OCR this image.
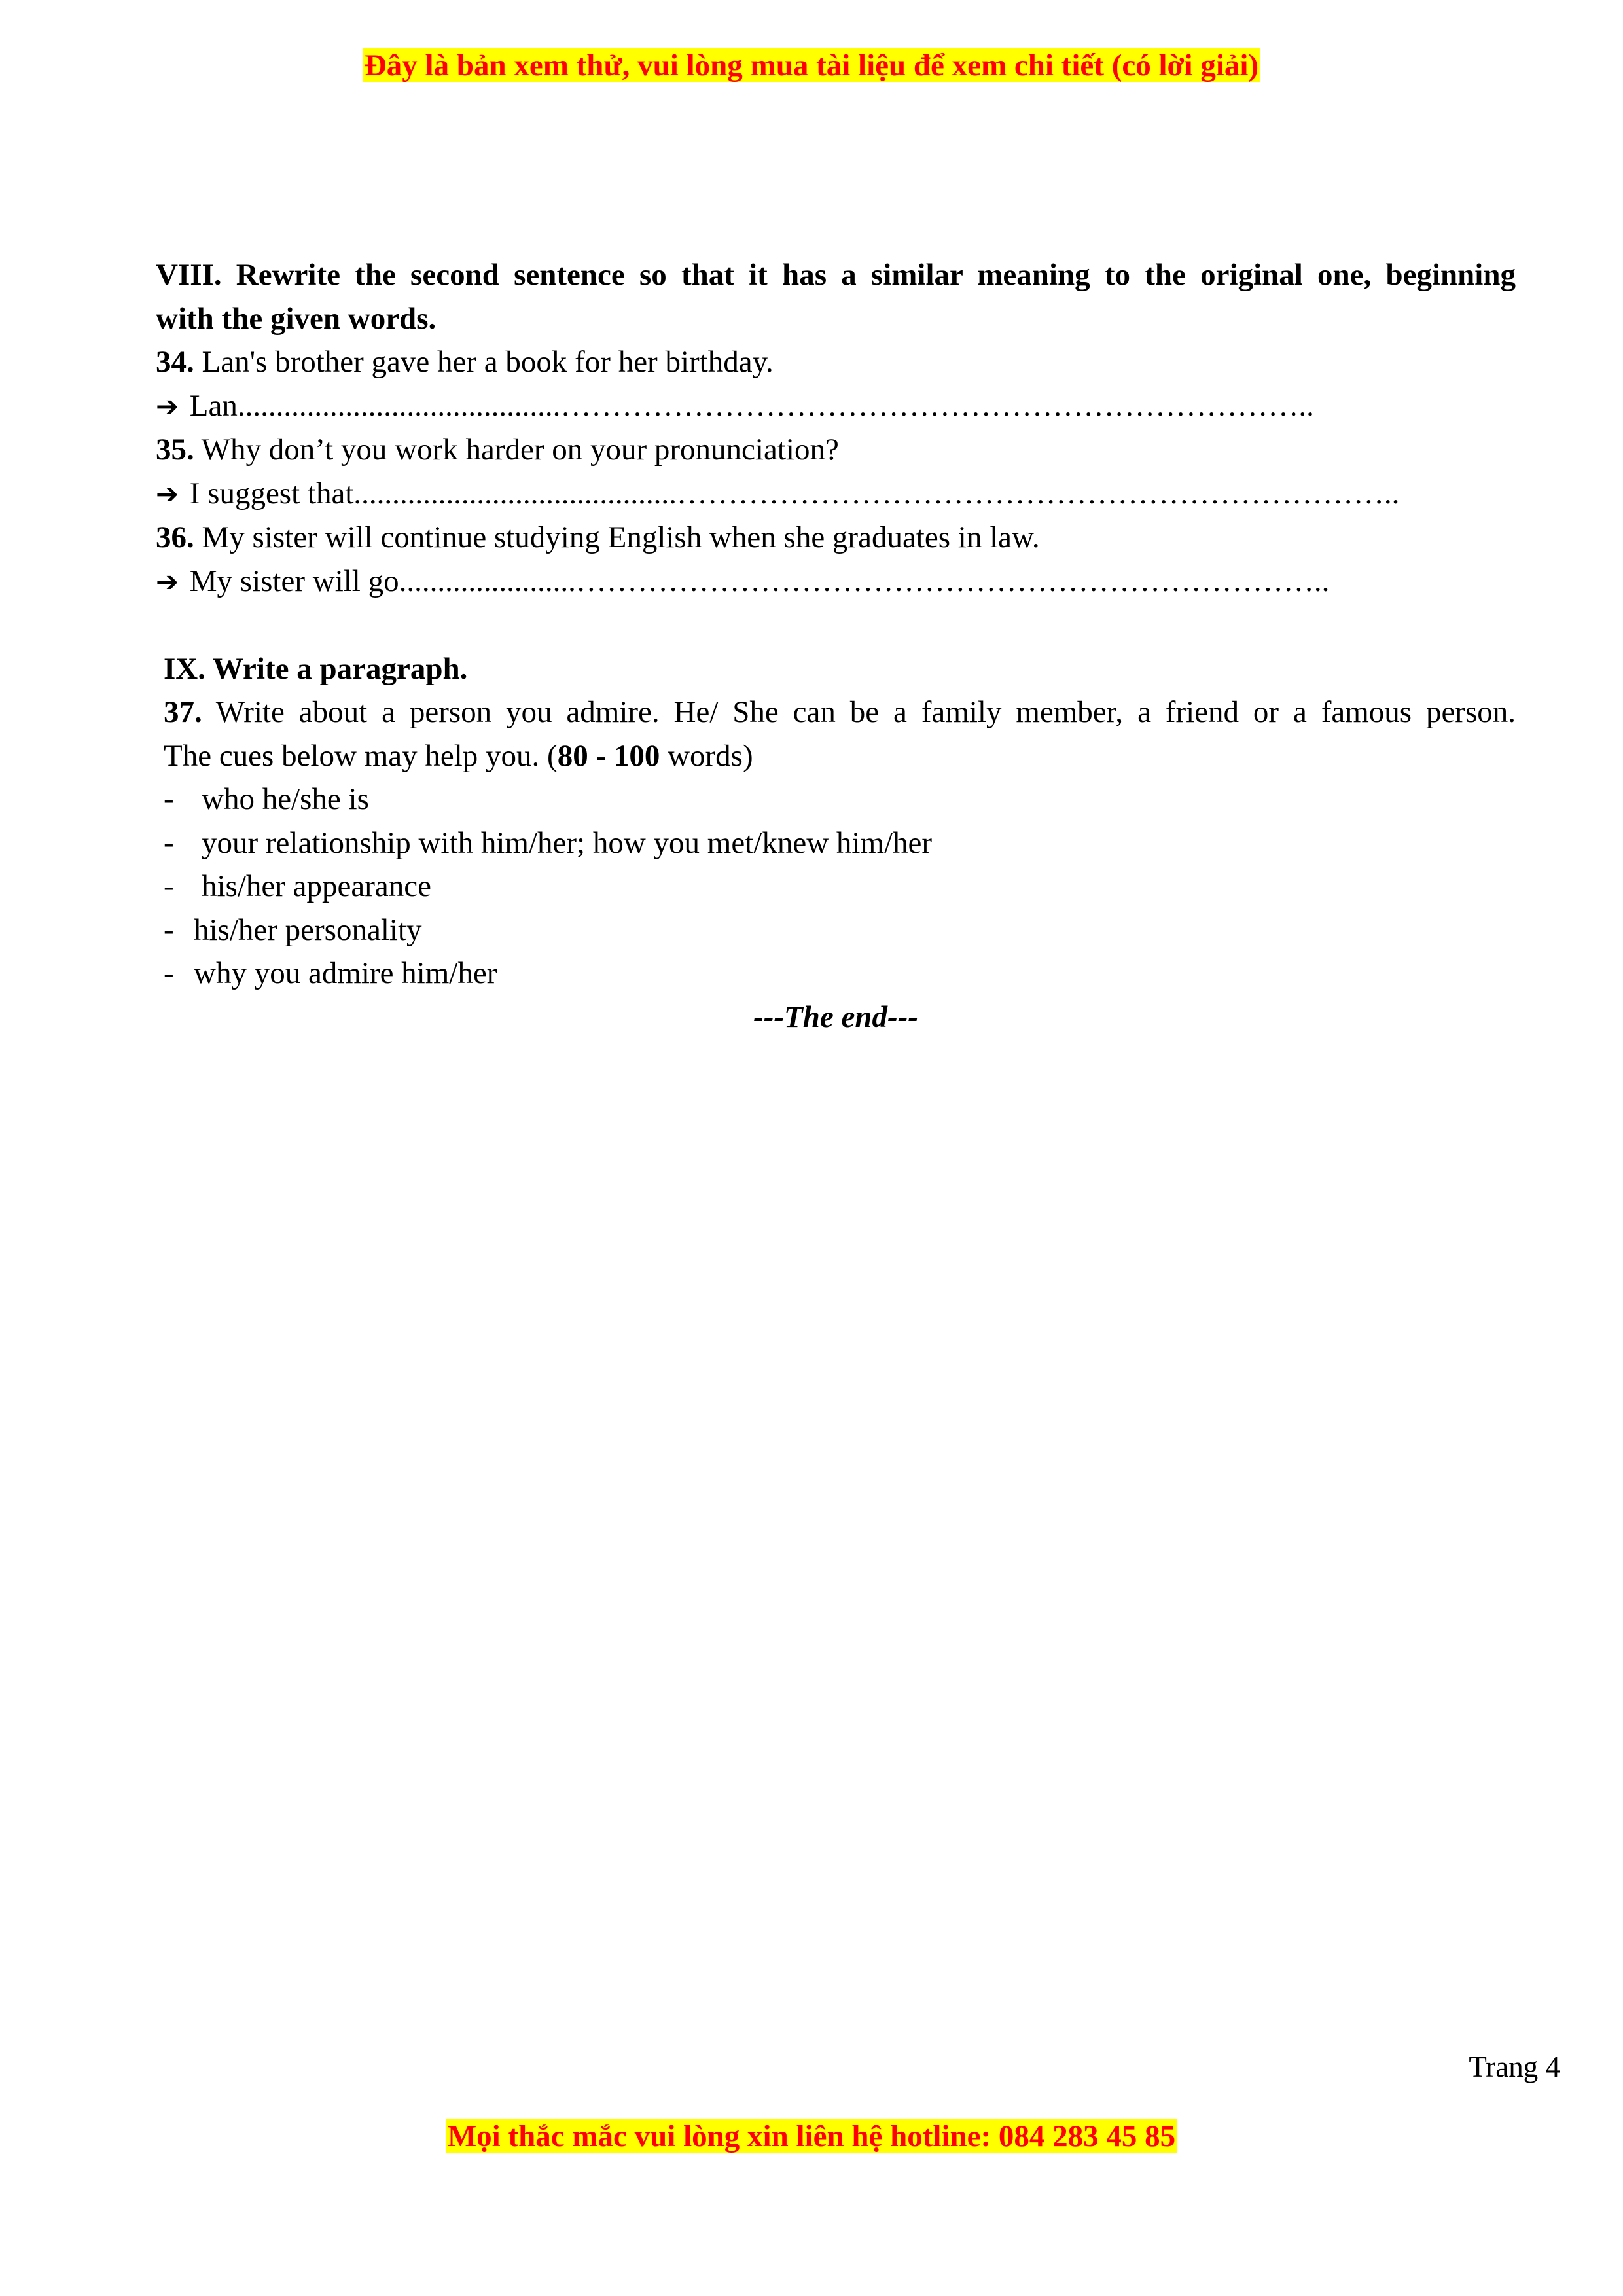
Đây là bản xem thử, vui lòng mua tài liệu để xem chi tiết (có lời giải)
VIII. Rewrite the second sentence so that it has a similar meaning to the original one, beginning
with the given words.
34. Lan's brother gave her a book for her birthday.
➔ Lan..........................................………………………………………………………………..
35. Why don’t you work harder on your pronunciation?
➔ I suggest that..........................................……………………………………………………………..
36. My sister will continue studying English when she graduates in law.
➔ My sister will go.......................………………………………………………………………..
IX. Write a paragraph.
37. Write about a person you admire. He/ She can be a family member, a friend or a famous person.
The cues below may help you. (80 - 100 words)
- who he/she is
- your relationship with him/her; how you met/knew him/her
- his/her appearance
- his/her personality
- why you admire him/her
---The end---
Trang 4
Mọi thắc mắc vui lòng xin liên hệ hotline: 084 283 45 85
